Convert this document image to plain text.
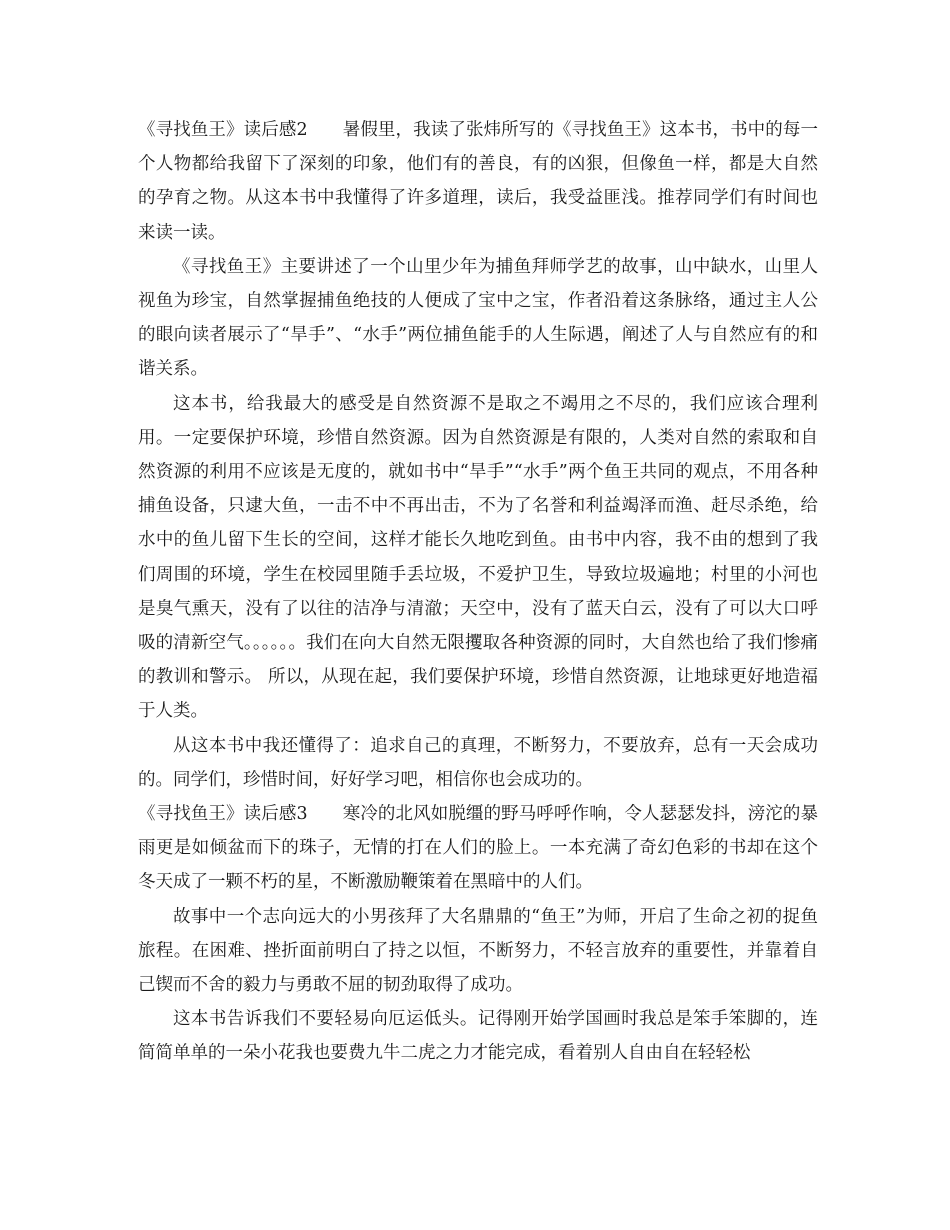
《寻找鱼王》读后感2 暑假里，我读了张炜所写的《寻找鱼王》这本书，书中的每一个人物都给我留下了深刻的印象，他们有的善良，有的凶狠，但像鱼一样，都是大自然的孕育之物。从这本书中我懂得了许多道理，读后，我受益匪浅。推荐同学们有时间也来读一读。

《寻找鱼王》主要讲述了一个山里少年为捕鱼拜师学艺的故事，山中缺水，山里人视鱼为珍宝，自然掌握捕鱼绝技的人便成了宝中之宝，作者沿着这条脉络，通过主人公的眼向读者展示了“旱手”、“水手”两位捕鱼能手的人生际遇，阐述了人与自然应有的和谐关系。

这本书，给我最大的感受是自然资源不是取之不竭用之不尽的，我们应该合理利用。一定要保护环境，珍惜自然资源。因为自然资源是有限的，人类对自然的索取和自然资源的利用不应该是无度的，就如书中“旱手”“水手”两个鱼王共同的观点，不用各种捕鱼设备，只逮大鱼，一击不中不再出击，不为了名誉和利益竭泽而渔、赶尽杀绝，给水中的鱼儿留下生长的空间，这样才能长久地吃到鱼。由书中内容，我不由的想到了我们周围的环境，学生在校园里随手丢垃圾，不爱护卫生，导致垃圾遍地；村里的小河也是臭气熏天，没有了以往的洁净与清澈；天空中，没有了蓝天白云，没有了可以大口呼吸的清新空气。。。。。。我们在向大自然无限攫取各种资源的同时，大自然也给了我们惨痛的教训和警示。 所以，从现在起，我们要保护环境，珍惜自然资源，让地球更好地造福于人类。

从这本书中我还懂得了：追求自己的真理，不断努力，不要放弃，总有一天会成功的。同学们，珍惜时间，好好学习吧，相信你也会成功的。

《寻找鱼王》读后感3 寒冷的北风如脱缰的野马呼呼作响，令人瑟瑟发抖，滂沱的暴雨更是如倾盆而下的珠子，无情的打在人们的脸上。一本充满了奇幻色彩的书却在这个冬天成了一颗不朽的星，不断激励鞭策着在黑暗中的人们。

故事中一个志向远大的小男孩拜了大名鼎鼎的“鱼王”为师，开启了生命之初的捉鱼旅程。在困难、挫折面前明白了持之以恒，不断努力，不轻言放弃的重要性，并靠着自己锲而不舍的毅力与勇敢不屈的韧劲取得了成功。

这本书告诉我们不要轻易向厄运低头。记得刚开始学国画时我总是笨手笨脚的，连简简单单的一朵小花我也要费九牛二虎之力才能完成，看着别人自由自在轻轻松
